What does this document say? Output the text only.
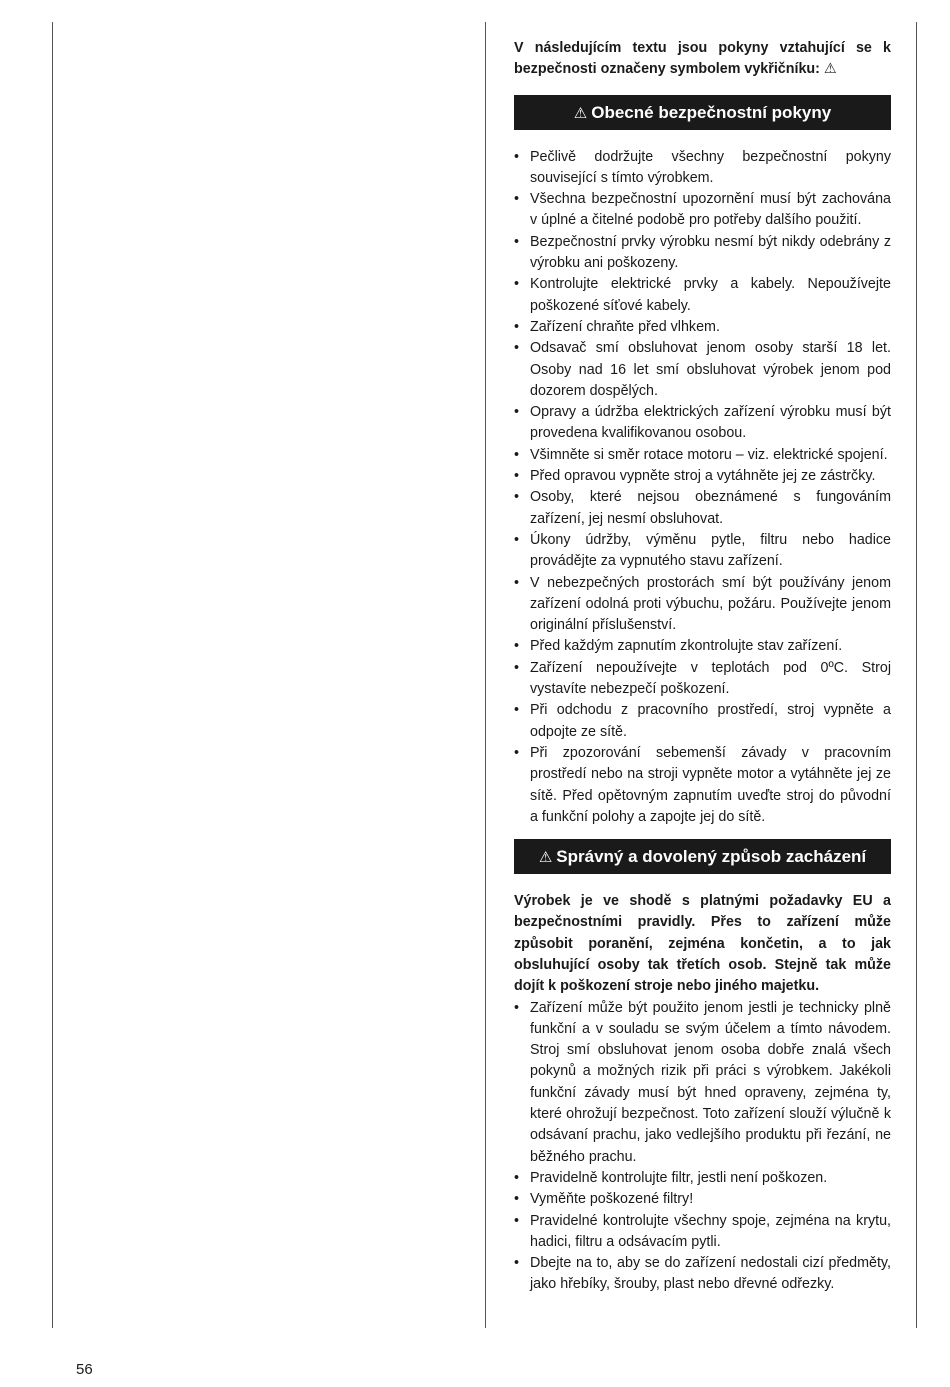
V následujícím textu jsou pokyny vztahující se k bezpečnosti označeny symbolem vykřičníku: ⚠

⚠ Obecné bezpečnostní pokyny
• Pečlivě dodržujte všechny bezpečnostní pokyny související s tímto výrobkem.
• Všechna bezpečnostní upozornění musí být zachována v úplné a čitelné podobě pro potřeby dalšího použití.
• Bezpečnostní prvky výrobku nesmí být nikdy odebrány z výrobku ani poškozeny.
• Kontrolujte elektrické prvky a kabely. Nepoužívejte poškozené síťové kabely.
• Zařízení chraňte před vlhkem.
• Odsavač smí obsluhovat jenom osoby starší 18 let. Osoby nad 16 let smí obsluhovat výrobek jenom pod dozorem dospělých.
• Opravy a údržba elektrických zařízení výrobku musí být provedena kvalifikovanou osobou.
• Všimněte si směr rotace motoru – viz. elektrické spojení.
• Před opravou vypněte stroj a vytáhněte jej ze zástrčky.
• Osoby, které nejsou obeznámené s fungováním zařízení, jej nesmí obsluhovat.
• Úkony údržby, výměnu pytle, filtru nebo hadice provádějte za vypnutého stavu zařízení.
• V nebezpečných prostorách smí být používány jenom zařízení odolná proti výbuchu, požáru. Používejte jenom originální příslušenství.
• Před každým zapnutím zkontrolujte stav zařízení.
• Zařízení nepoužívejte v teplotách pod 0ºC. Stroj vystavíte nebezpečí poškození.
• Při odchodu z pracovního prostředí, stroj vypněte a odpojte ze sítě.
• Při zpozorování sebemenší závady v pracovním prostředí nebo na stroji vypněte motor a vytáhněte jej ze sítě. Před opětovným zapnutím uveďte stroj do původní a funkční polohy a zapojte jej do sítě.
⚠ Správný a dovolený způsob zacházení

Výrobek je ve shodě s platnými požadavky EU a bezpečnostními pravidly. Přes to zařízení může způsobit poranění, zejména končetin, a to jak obsluhující osoby tak třetích osob. Stejně tak může dojít k poškození stroje nebo jiného majetku.

• Zařízení může být použito jenom jestli je technicky plně funkční a v souladu se svým účelem a tímto návodem. Stroj smí obsluhovat jenom osoba dobře znalá všech pokynů a možných rizik při práci s výrobkem. Jakékoli funkční závady musí být hned opraveny, zejména ty, které ohrožují bezpečnost. Toto zařízení slouží výlučně k odsávaní prachu, jako vedlejšího produktu při řezání, ne běžného prachu.
• Pravidelně kontrolujte filtr, jestli není poškozen.
• Vyměňte poškozené filtry!
• Pravidelné kontrolujte všechny spoje, zejména na krytu, hadici, filtru a odsávacím pytli.
• Dbejte na to, aby se do zařízení nedostali cizí předměty, jako hřebíky, šrouby, plast nebo dřevné odřezky.
56
